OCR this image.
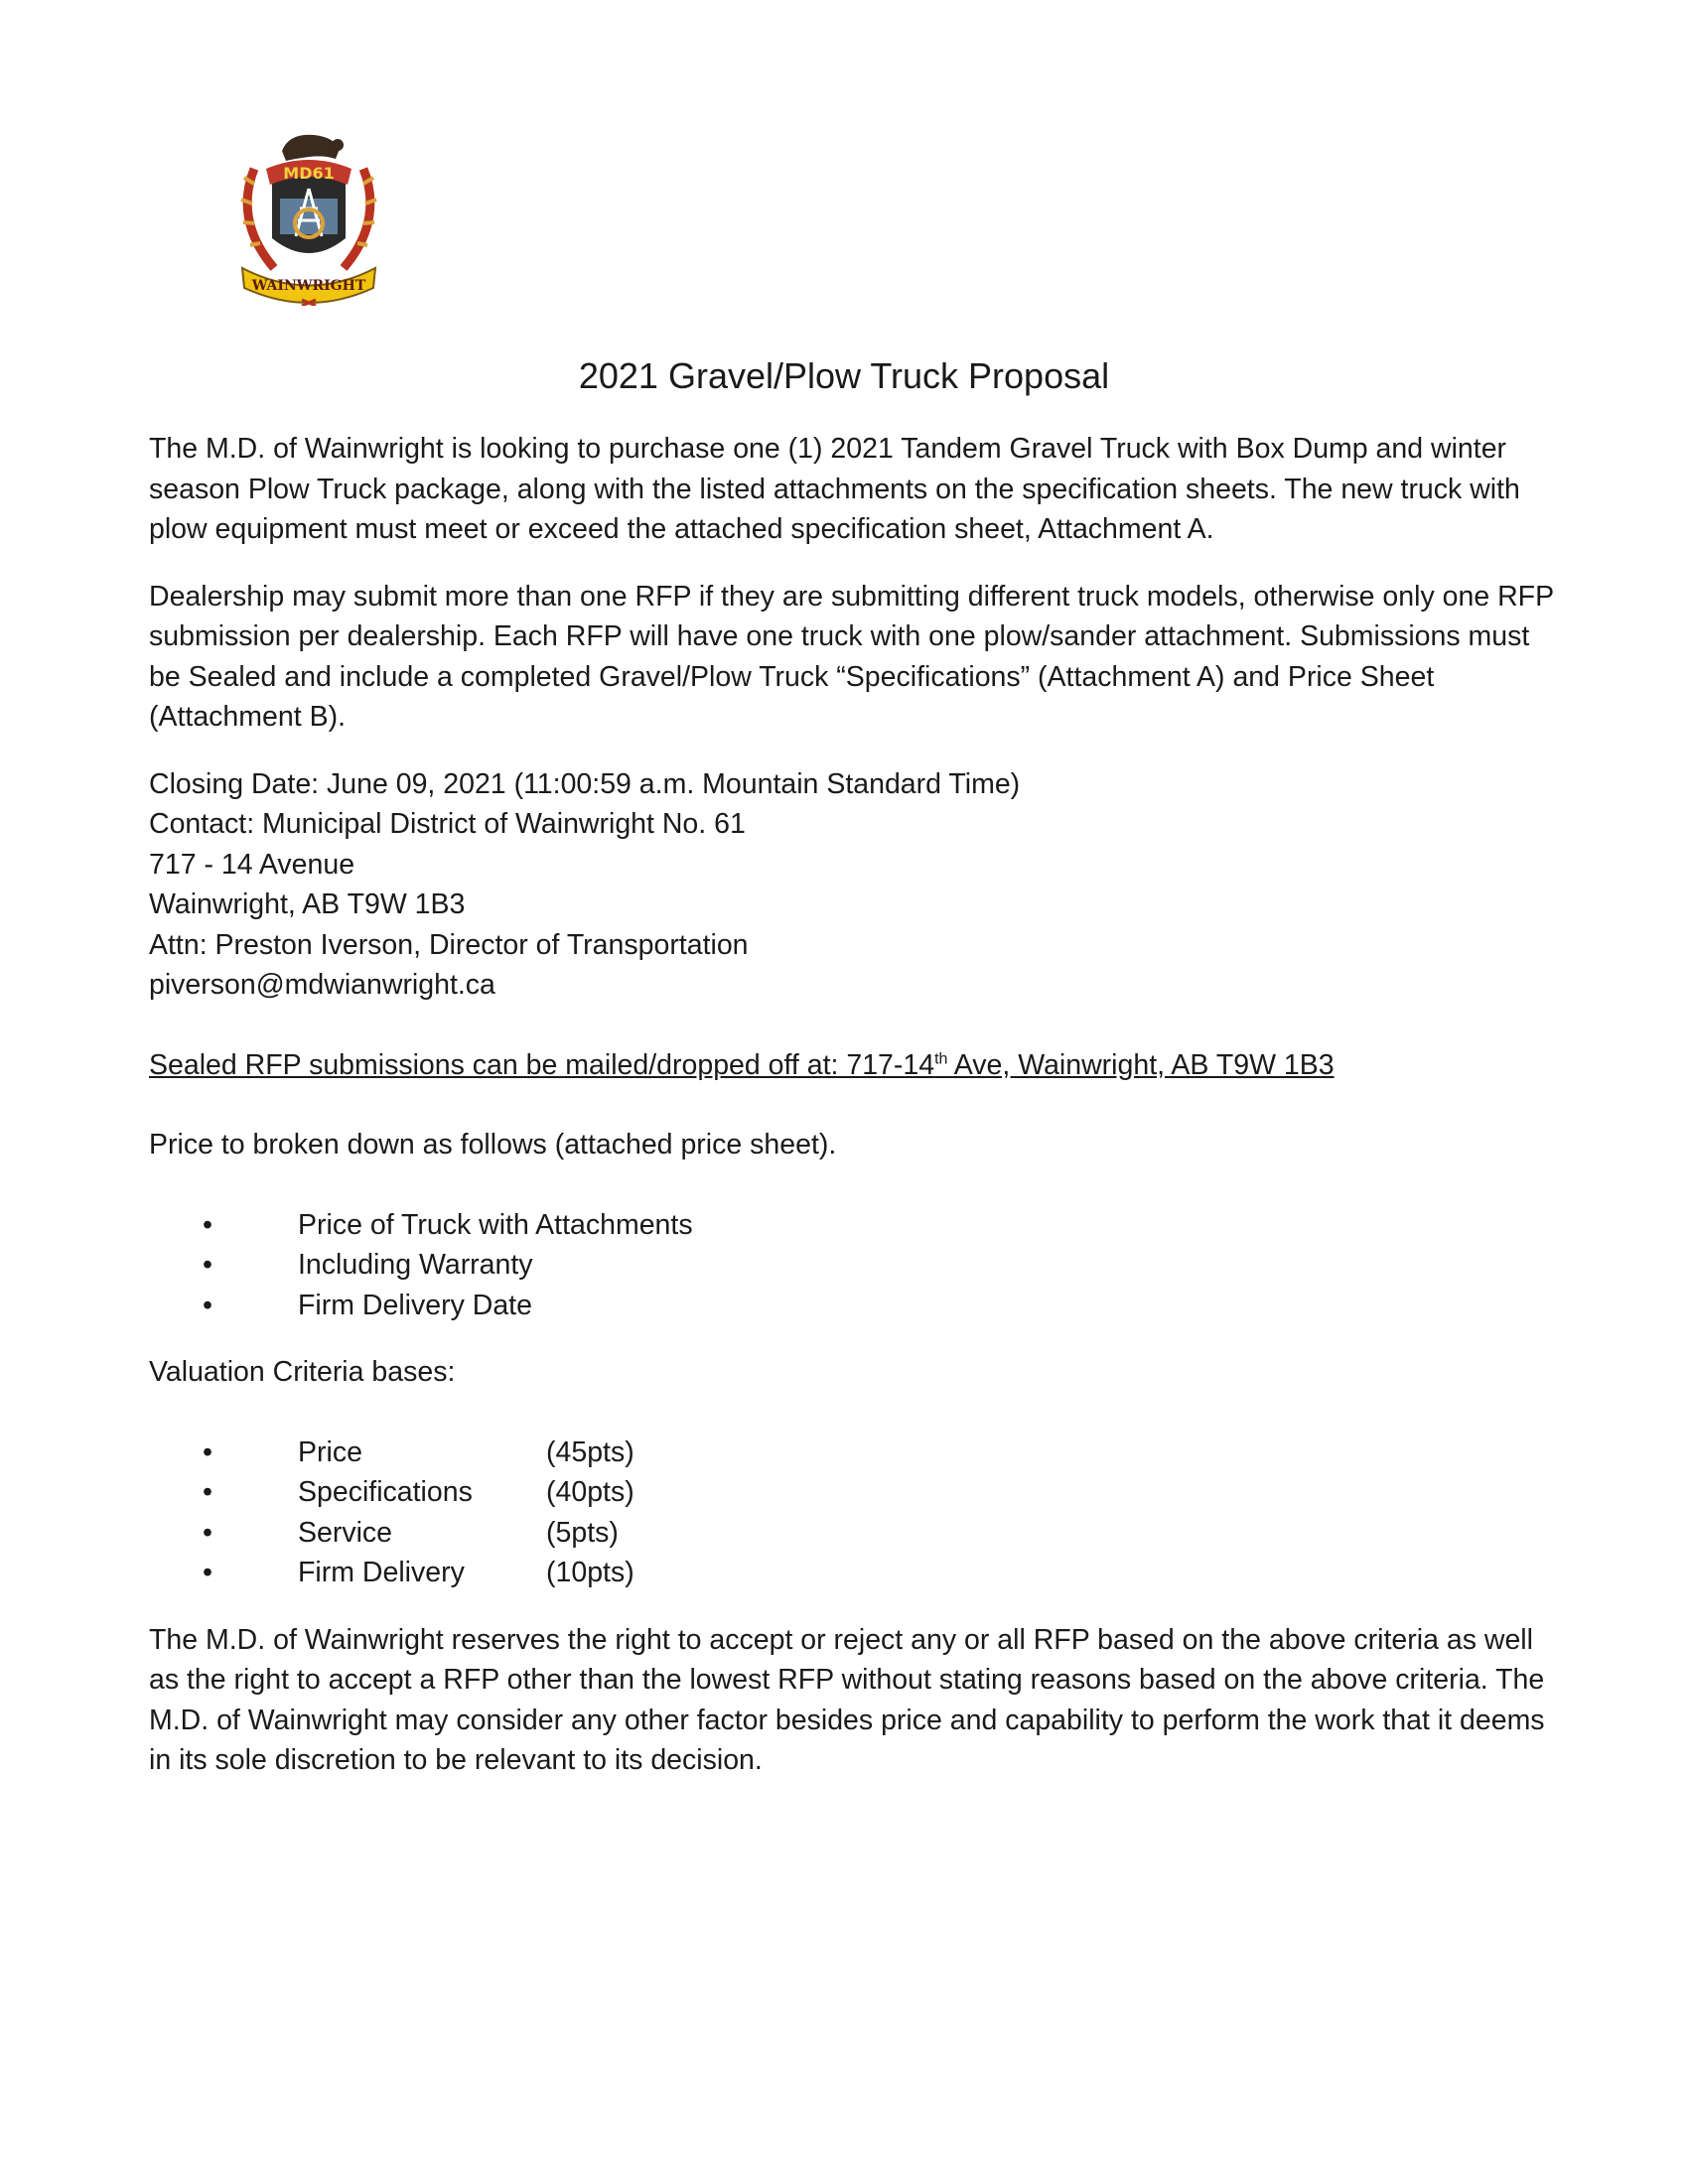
MD61
WAINWRIGHT
2021 Gravel/Plow Truck Proposal

The M.D. of Wainwright is looking to purchase one (1) 2021 Tandem Gravel Truck with Box Dump and winter season Plow Truck package, along with the listed attachments on the specification sheets. The new truck with plow equipment must meet or exceed the attached specification sheet, Attachment A.

Dealership may submit more than one RFP if they are submitting different truck models, otherwise only one RFP submission per dealership. Each RFP will have one truck with one plow/sander attachment. Submissions must be Sealed and include a completed Gravel/Plow Truck “Specifications” (Attachment A) and Price Sheet (Attachment B).

Closing Date: June 09, 2021 (11:00:59 a.m. Mountain Standard Time)

Contact: Municipal District of Wainwright No. 61

717 - 14 Avenue

Wainwright, AB T9W 1B3

Attn: Preston Iverson, Director of Transportation

piverson@mdwianwright.ca

Sealed RFP submissions can be mailed/dropped off at: 717-14th Ave, Wainwright, AB T9W 1B3

Price to broken down as follows (attached price sheet).

•	Price of Truck with Attachments
•	Including Warranty
•	Firm Delivery Date

Valuation Criteria bases:

•	Price	(45pts)
•	Specifications	(40pts)
•	Service	(5pts)
•	Firm Delivery	(10pts)

The M.D. of Wainwright reserves the right to accept or reject any or all RFP based on the above criteria as well as the right to accept a RFP other than the lowest RFP without stating reasons based on the above criteria. The M.D. of Wainwright may consider any other factor besides price and capability to perform the work that it deems in its sole discretion to be relevant to its decision.
